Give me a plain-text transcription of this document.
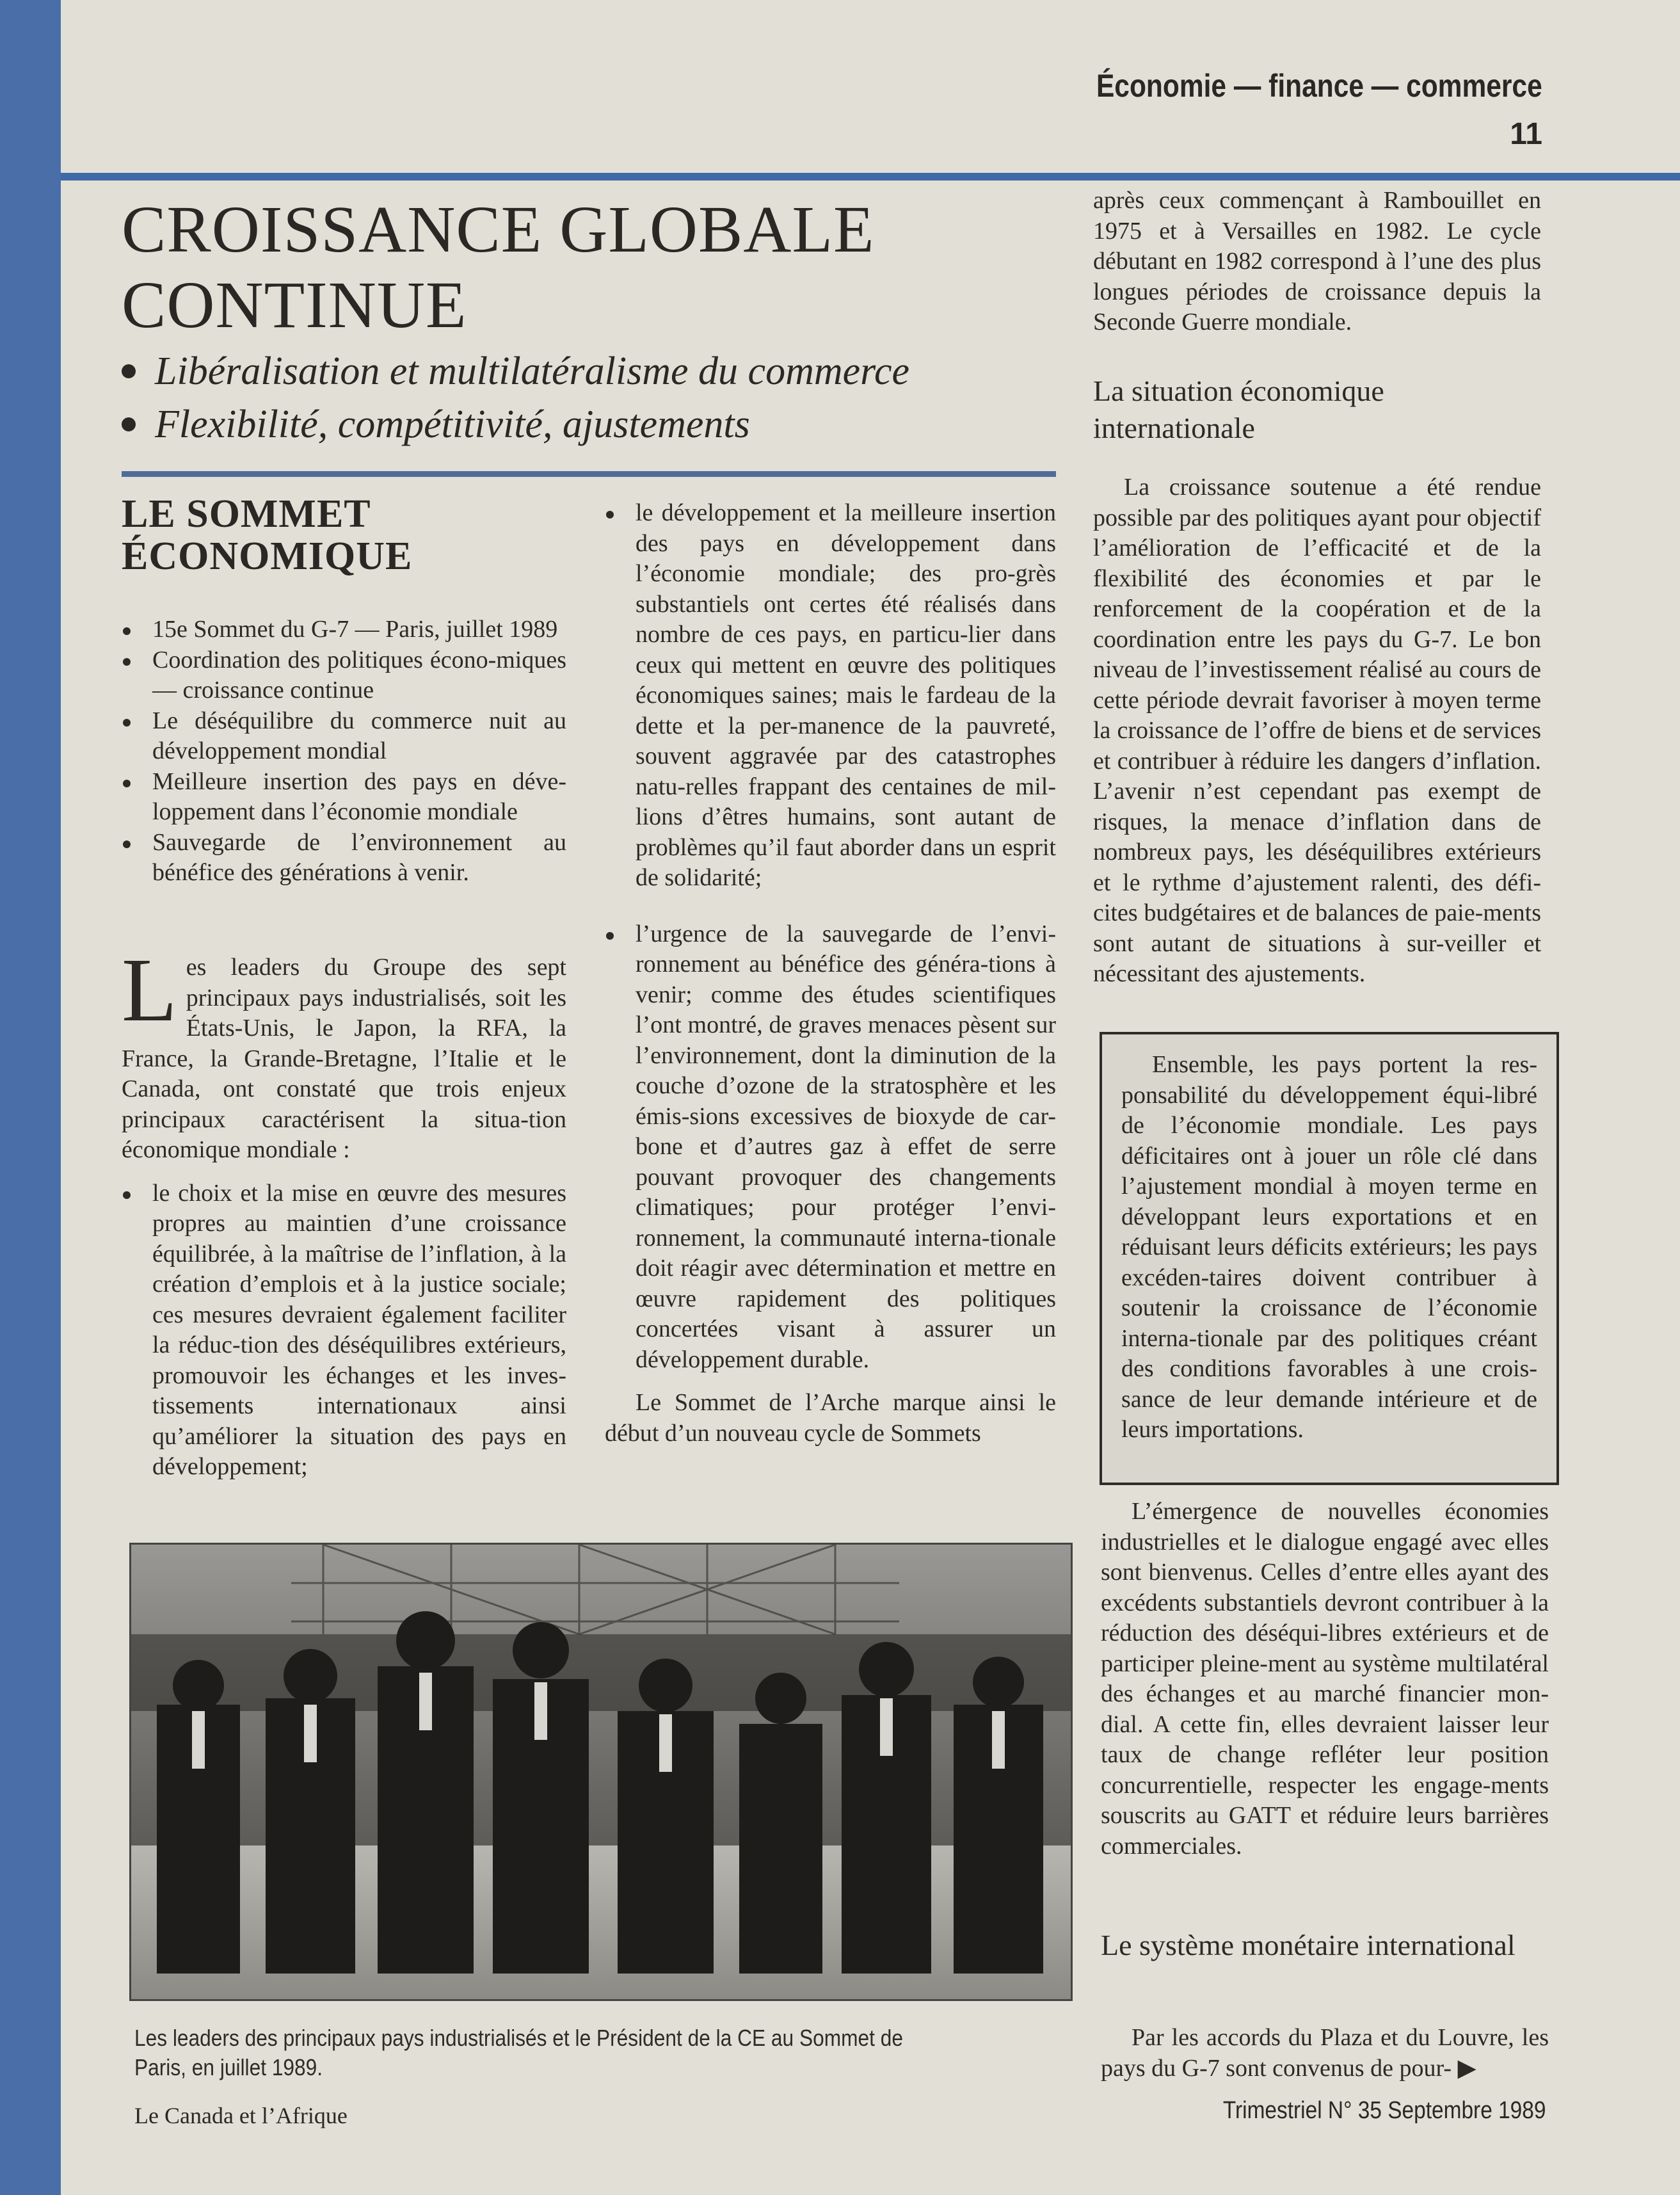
Économie — finance — commerce
11
CROISSANCE GLOBALE
CONTINUE
Libéralisation et multilatéralisme du commerce
Flexibilité, compétitivité, ajustements
LE SOMMET
ÉCONOMIQUE
15e Sommet du G-7 — Paris, juillet 1989
Coordination des politiques écono-miques — croissance continue
Le déséquilibre du commerce nuit au développement mondial
Meilleure insertion des pays en déve-loppement dans l’économie mondiale
Sauvegarde de l’environnement au bénéfice des générations à venir.

Les leaders du Groupe des sept principaux pays industrialisés, soit les États-Unis, le Japon, la RFA, la France, la Grande-Bretagne, l’Italie et le Canada, ont constaté que trois enjeux principaux caractérisent la situa-tion économique mondiale :

le choix et la mise en œuvre des mesures propres au maintien d’une croissance équilibrée, à la maîtrise de l’inflation, à la création d’emplois et à la justice sociale; ces mesures devraient également faciliter la réduc-tion des déséquilibres extérieurs, promouvoir les échanges et les inves-tissements internationaux ainsi qu’améliorer la situation des pays en développement;
le développement et la meilleure insertion des pays en développement dans l’économie mondiale; des pro-grès substantiels ont certes été réalisés dans nombre de ces pays, en particu-lier dans ceux qui mettent en œuvre des politiques économiques saines; mais le fardeau de la dette et la per-manence de la pauvreté, souvent aggravée par des catastrophes natu-relles frappant des centaines de mil-lions d’êtres humains, sont autant de problèmes qu’il faut aborder dans un esprit de solidarité;
l’urgence de la sauvegarde de l’envi-ronnement au bénéfice des généra-tions à venir; comme des études scientifiques l’ont montré, de graves menaces pèsent sur l’environnement, dont la diminution de la couche d’ozone de la stratosphère et les émis-sions excessives de bioxyde de car-bone et d’autres gaz à effet de serre pouvant provoquer des changements climatiques; pour protéger l’envi-ronnement, la communauté interna-tionale doit réagir avec détermination et mettre en œuvre rapidement des politiques concertées visant à assurer un développement durable.

Le Sommet de l’Arche marque ainsi le début d’un nouveau cycle de Sommets

après ceux commençant à Rambouillet en 1975 et à Versailles en 1982. Le cycle débutant en 1982 correspond à l’une des plus longues périodes de croissance depuis la Seconde Guerre mondiale.

La situation économique internationale

La croissance soutenue a été rendue possible par des politiques ayant pour objectif l’amélioration de l’efficacité et de la flexibilité des économies et par le renforcement de la coopération et de la coordination entre les pays du G-7. Le bon niveau de l’investissement réalisé au cours de cette période devrait favoriser à moyen terme la croissance de l’offre de biens et de services et contribuer à réduire les dangers d’inflation. L’avenir n’est cependant pas exempt de risques, la menace d’inflation dans de nombreux pays, les déséquilibres extérieurs et le rythme d’ajustement ralenti, des défi-cites budgétaires et de balances de paie-ments sont autant de situations à sur-veiller et nécessitant des ajustements.

Ensemble, les pays portent la res-ponsabilité du développement équi-libré de l’économie mondiale. Les pays déficitaires ont à jouer un rôle clé dans l’ajustement mondial à moyen terme en développant leurs exportations et en réduisant leurs déficits extérieurs; les pays excéden-taires doivent contribuer à soutenir la croissance de l’économie interna-tionale par des politiques créant des conditions favorables à une crois-sance de leur demande intérieure et de leurs importations.

L’émergence de nouvelles économies industrielles et le dialogue engagé avec elles sont bienvenus. Celles d’entre elles ayant des excédents substantiels devront contribuer à la réduction des déséqui-libres extérieurs et de participer pleine-ment au système multilatéral des échanges et au marché financier mon-dial. A cette fin, elles devraient laisser leur taux de change refléter leur position concurrentielle, respecter les engage-ments souscrits au GATT et réduire leurs barrières commerciales.

Le système monétaire international

Par les accords du Plaza et du Louvre, les pays du G-7 sont convenus de pour- ▶

Les leaders des principaux pays industrialisés et le Président de la CE au Sommet de Paris, en juillet 1989.
Le Canada et l’Afrique	Trimestriel N° 35 Septembre 1989
